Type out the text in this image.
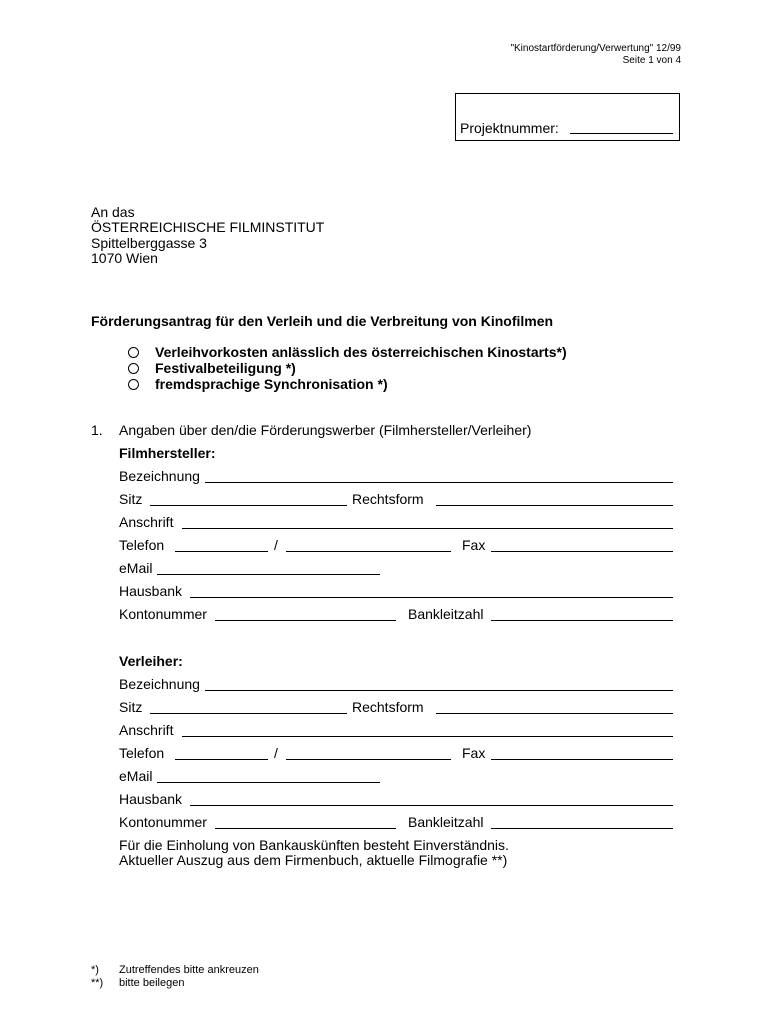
"Kinostartförderung/Verwertung" 12/99
Seite 1 von 4
Projektnummer:
An das
ÖSTERREICHISCHE FILMINSTITUT
Spittelberggasse 3
1070 Wien
Förderungsantrag für den Verleih und die Verbreitung von Kinofilmen
Verleihvorkosten anlässlich des österreichischen Kinostarts*)
Festivalbeteiligung *)
fremdsprachige Synchronisation *)
1. Angaben über den/die Förderungswerber (Filmhersteller/Verleiher)
Filmhersteller:
Bezeichnung
Sitz	Rechtsform
Anschrift
Telefon	/	Fax
eMail
Hausbank
Kontonummer	Bankleitzahl
Verleiher:
Bezeichnung
Sitz	Rechtsform
Anschrift
Telefon	/	Fax
eMail
Hausbank
Kontonummer	Bankleitzahl
Für die Einholung von Bankauskünften besteht Einverständnis.
Aktueller Auszug aus dem Firmenbuch, aktuelle Filmografie **)
*) Zutreffendes bitte ankreuzen
**) bitte beilegen
